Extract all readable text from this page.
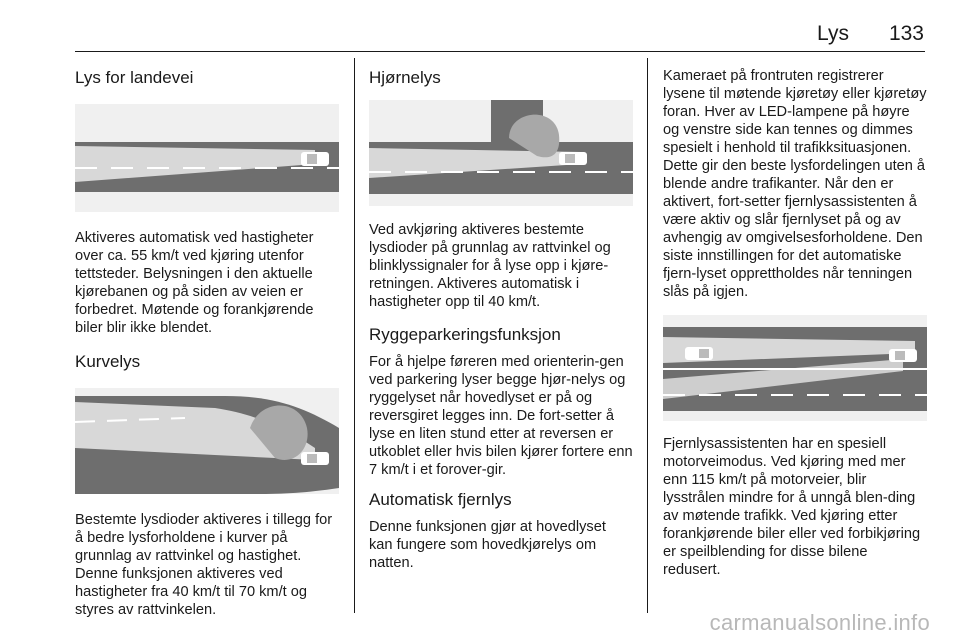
Lys 133
Lys for landevei

Aktiveres automatisk ved hastigheter over ca. 55 km/t ved kjøring utenfor tettsteder. Belysningen i den aktuelle kjørebanen og på siden av veien er forbedret. Møtende og forankjørende biler blir ikke blendet.

Kurvelys

Bestemte lysdioder aktiveres i tillegg for å bedre lysforholdene i kurver på grunnlag av rattvinkel og hastighet. Denne funksjonen aktiveres ved hastigheter fra 40 km/t til 70 km/t og styres av rattvinkelen.

Hjørnelys

Ved avkjøring aktiveres bestemte lysdioder på grunnlag av rattvinkel og blinklyssignaler for å lyse opp i kjøre-retningen. Aktiveres automatisk i hastigheter opp til 40 km/t.

Ryggeparkeringsfunksjon

For å hjelpe føreren med orienterin-gen ved parkering lyser begge hjør-nelys og ryggelyset når hovedlyset er på og reversgiret legges inn. De fort-setter å lyse en liten stund etter at reversen er utkoblet eller hvis bilen kjører fortere enn 7 km/t i et forover-gir.

Automatisk fjernlys

Denne funksjonen gjør at hovedlyset kan fungere som hovedkjørelys om natten.

Kameraet på frontruten registrerer lysene til møtende kjøretøy eller kjøretøy foran. Hver av LED-lampene på høyre og venstre side kan tennes og dimmes spesielt i henhold til trafikksituasjonen. Dette gir den beste lysfordelingen uten å blende andre trafikanter. Når den er aktivert, fort-setter fjernlysassistenten å være aktiv og slår fjernlyset på og av avhengig av omgivelsesforholdene. Den siste innstillingen for det automatiske fjern-lyset opprettholdes når tenningen slås på igjen.

Fjernlysassistenten har en spesiell motorveimodus. Ved kjøring med mer enn 115 km/t på motorveier, blir lysstrålen mindre for å unngå blen-ding av møtende trafikk. Ved kjøring etter forankjørende biler eller ved forbikjøring er speilblending for disse bilene redusert.

carmanualsonline.info
